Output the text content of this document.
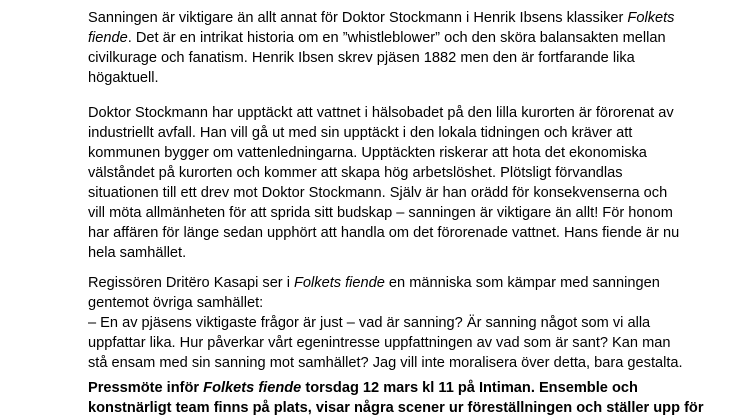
Sanningen är viktigare än allt annat för Doktor Stockmann i Henrik Ibsens klassiker Folkets
fiende. Det är en intrikat historia om en ”whistleblower” och den sköra balansakten mellan
civilkurage och fanatism. Henrik Ibsen skrev pjäsen 1882 men den är fortfarande lika
högaktuell.

Doktor Stockmann har upptäckt att vattnet i hälsobadet på den lilla kurorten är förorenat av
industriellt avfall. Han vill gå ut med sin upptäckt i den lokala tidningen och kräver att
kommunen bygger om vattenledningarna. Upptäckten riskerar att hota det ekonomiska
välståndet på kurorten och kommer att skapa hög arbetslöshet. Plötsligt förvandlas
situationen till ett drev mot Doktor Stockmann. Själv är han orädd för konsekvenserna och
vill möta allmänheten för att sprida sitt budskap – sanningen är viktigare än allt! För honom
har affären för länge sedan upphört att handla om det förorenade vattnet. Hans fiende är nu
hela samhället.

Regissören Dritëro Kasapi ser i Folkets fiende en människa som kämpar med sanningen
gentemot övriga samhället:
– En av pjäsens viktigaste frågor är just – vad är sanning? Är sanning något som vi alla
uppfattar lika. Hur påverkar vårt egenintresse uppfattningen av vad som är sant? Kan man
stå ensam med sin sanning mot samhället? Jag vill inte moralisera över detta, bara gestalta.

Pressmöte inför Folkets fiende torsdag 12 mars kl 11 på Intiman. Ensemble och
konstnärligt team finns på plats, visar några scener ur föreställningen och ställer upp för
